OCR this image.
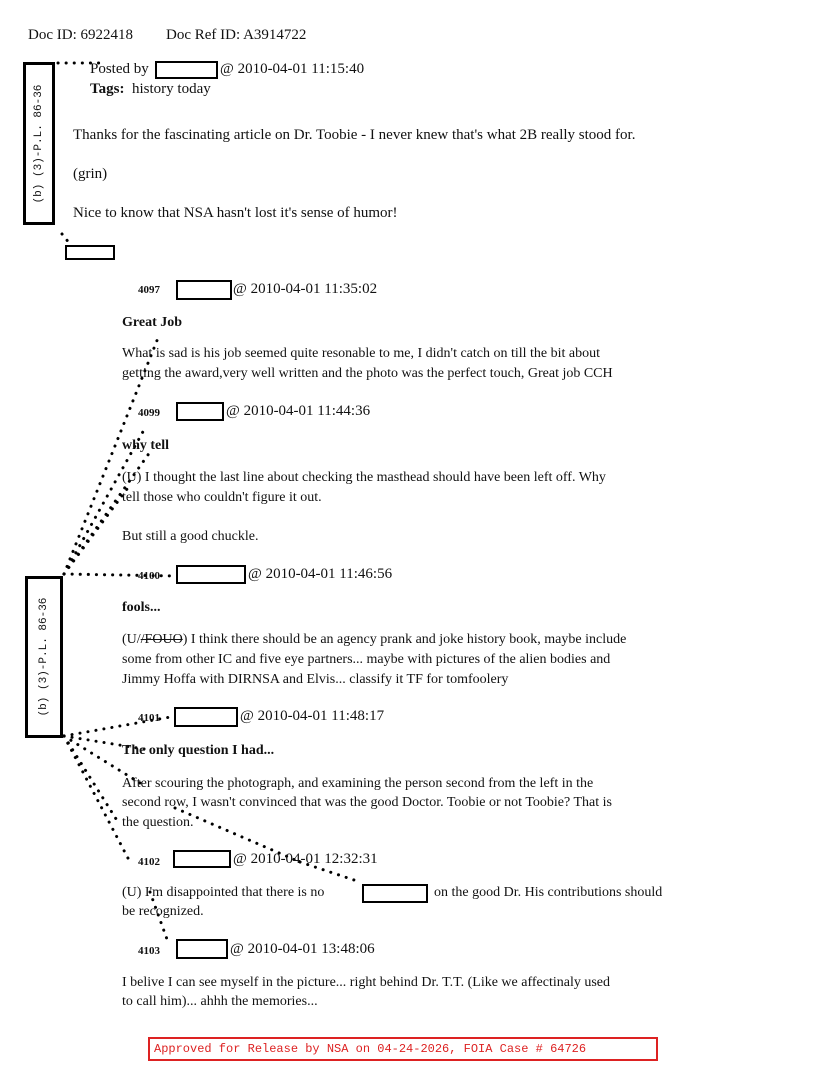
Doc ID: 6922418 Doc Ref ID: A3914722
(b) (3)-P.L. 86-36
(b) (3)-P.L. 86-36
Posted by	@ 2010-04-01 11:15:40
Tags: history today
Thanks for the fascinating article on Dr. Toobie - I never knew that's what 2B really stood for.
(grin)
Nice to know that NSA hasn't lost it's sense of humor!
4097	@ 2010-04-01 11:35:02
Great Job
What is sad is his job seemed quite resonable to me, I didn't catch on till the bit about
getting the award,very well written and the photo was the perfect touch, Great job CCH
4099	@ 2010-04-01 11:44:36
why tell
(U) I thought the last line about checking the masthead should have been left off. Why
tell those who couldn't figure it out.
But still a good chuckle.
4100	@ 2010-04-01 11:46:56
fools...
(U//FOUO) I think there should be an agency prank and joke history book, maybe include
some from other IC and five eye partners... maybe with pictures of the alien bodies and
Jimmy Hoffa with DIRNSA and Elvis... classify it TF for tomfoolery
4101	@ 2010-04-01 11:48:17
The only question I had...
After scouring the photograph, and examining the person second from the left in the
second row, I wasn't convinced that was the good Doctor. Toobie or not Toobie? That is
the question.
4102	@ 2010-04-01 12:32:31
(U) I'm disappointed that there is no	on the good Dr. His contributions should
be recognized.
4103	@ 2010-04-01 13:48:06
I belive I can see myself in the picture... right behind Dr. T.T. (Like we affectinaly used
to call him)... ahhh the memories...
Approved for Release by NSA on 04-24-2026, FOIA Case # 64726
